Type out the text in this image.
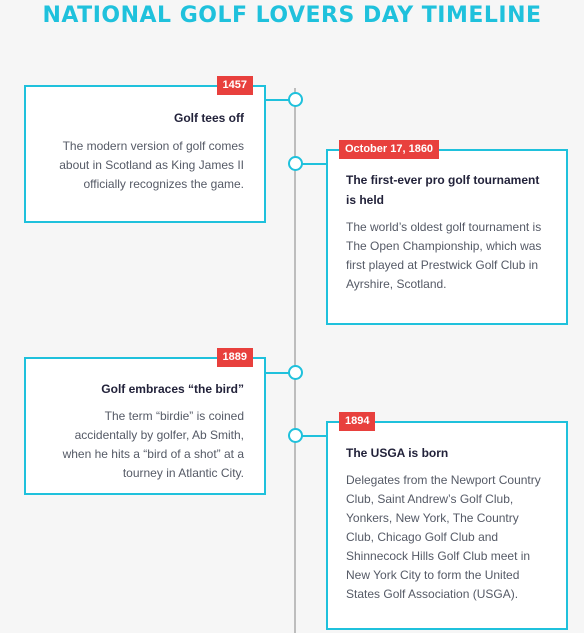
NATIONAL GOLF LOVERS DAY TIMELINE
1457
Golf tees off

The modern version of golf comes about in Scotland as King James II officially recognizes the game.

October 17, 1860
The first-ever pro golf tournament is held

The world’s oldest golf tournament is The Open Championship, which was first played at Prestwick Golf Club in Ayrshire, Scotland.

1889
Golf embraces “the bird”

The term “birdie” is coined accidentally by golfer, Ab Smith, when he hits a “bird of a shot” at a tourney in Atlantic City.

1894
The USGA is born

Delegates from the Newport Country Club, Saint Andrew’s Golf Club, Yonkers, New York, The Country Club, Chicago Golf Club and Shinnecock Hills Golf Club meet in New York City to form the United States Golf Association (USGA).
